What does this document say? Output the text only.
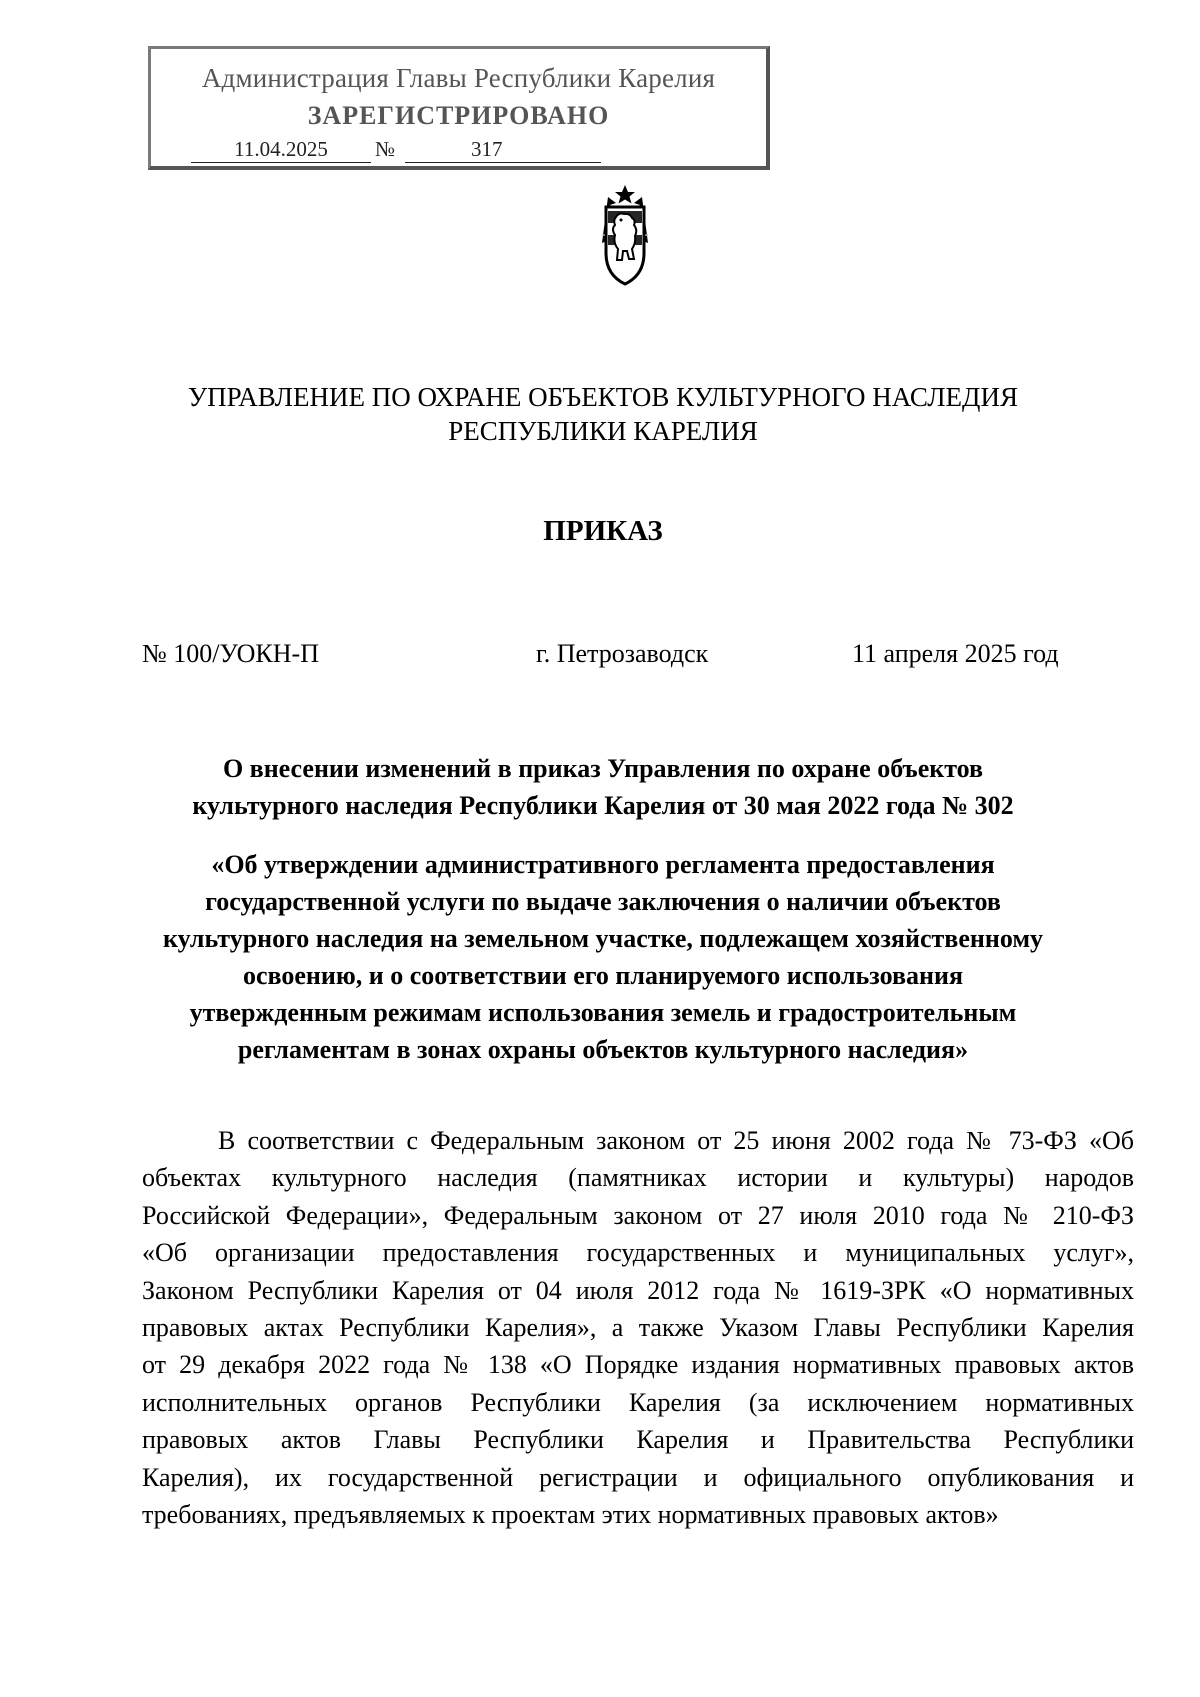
Администрация Главы Республики Карелия
ЗАРЕГИСТРИРОВАНО
11.04.2025	№	317
УПРАВЛЕНИЕ ПО ОХРАНЕ ОБЪЕКТОВ КУЛЬТУРНОГО НАСЛЕДИЯ
РЕСПУБЛИКИ КАРЕЛИЯ
ПРИКАЗ
№ 100/УОКН-П	г. Петрозаводск	11 апреля 2025 год
О внесении изменений в приказ Управления по охране объектов
культурного наследия Республики Карелия от 30 мая 2022 года № 302
«Об утверждении административного регламента предоставления
государственной услуги по выдаче заключения о наличии объектов
культурного наследия на земельном участке, подлежащем хозяйственному
освоению, и о соответствии его планируемого использования
утвержденным режимам использования земель и градостроительным
регламентам в зонах охраны объектов культурного наследия»
В соответствии с Федеральным законом от 25 июня 2002 года № 73-ФЗ «Об
объектах культурного наследия (памятниках истории и культуры) народов
Российской Федерации», Федеральным законом от 27 июля 2010 года № 210-ФЗ
«Об организации предоставления государственных и муниципальных услуг»,
Законом Республики Карелия от 04 июля 2012 года № 1619-ЗРК «О нормативных
правовых актах Республики Карелия», а также Указом Главы Республики Карелия
от 29 декабря 2022 года № 138 «О Порядке издания нормативных правовых актов
исполнительных органов Республики Карелия (за исключением нормативных
правовых актов Главы Республики Карелия и Правительства Республики
Карелия), их государственной регистрации и официального опубликования и
требованиях, предъявляемых к проектам этих нормативных правовых актов»
